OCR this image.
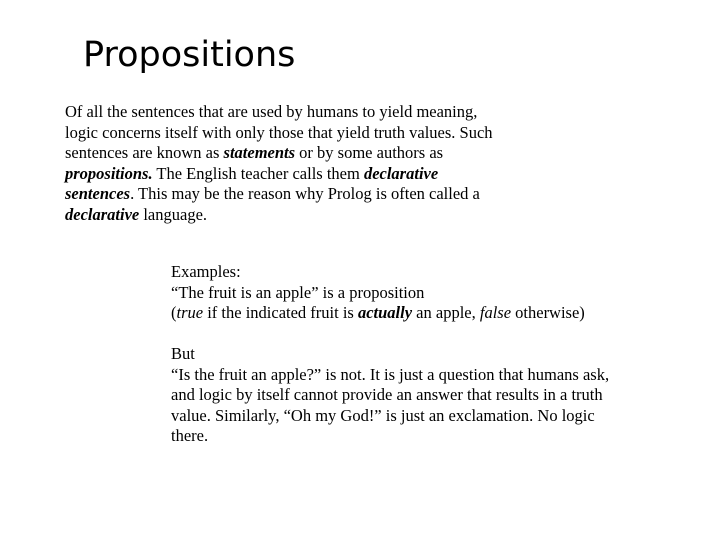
Propositions

Of all the sentences that are used by humans to yield meaning,
logic concerns itself with only those that yield truth values. Such
sentences are known as statements or by some authors as
propositions. The English teacher calls them declarative
sentences. This may be the reason why Prolog is often called a
declarative language.

Examples:
“The fruit is an apple” is a proposition
(true if the indicated fruit is actually an apple, false otherwise)

But
“Is the fruit an apple?” is not. It is just a question that humans ask,
and logic by itself cannot provide an answer that results in a truth
value. Similarly, “Oh my God!” is just an exclamation. No logic
there.
